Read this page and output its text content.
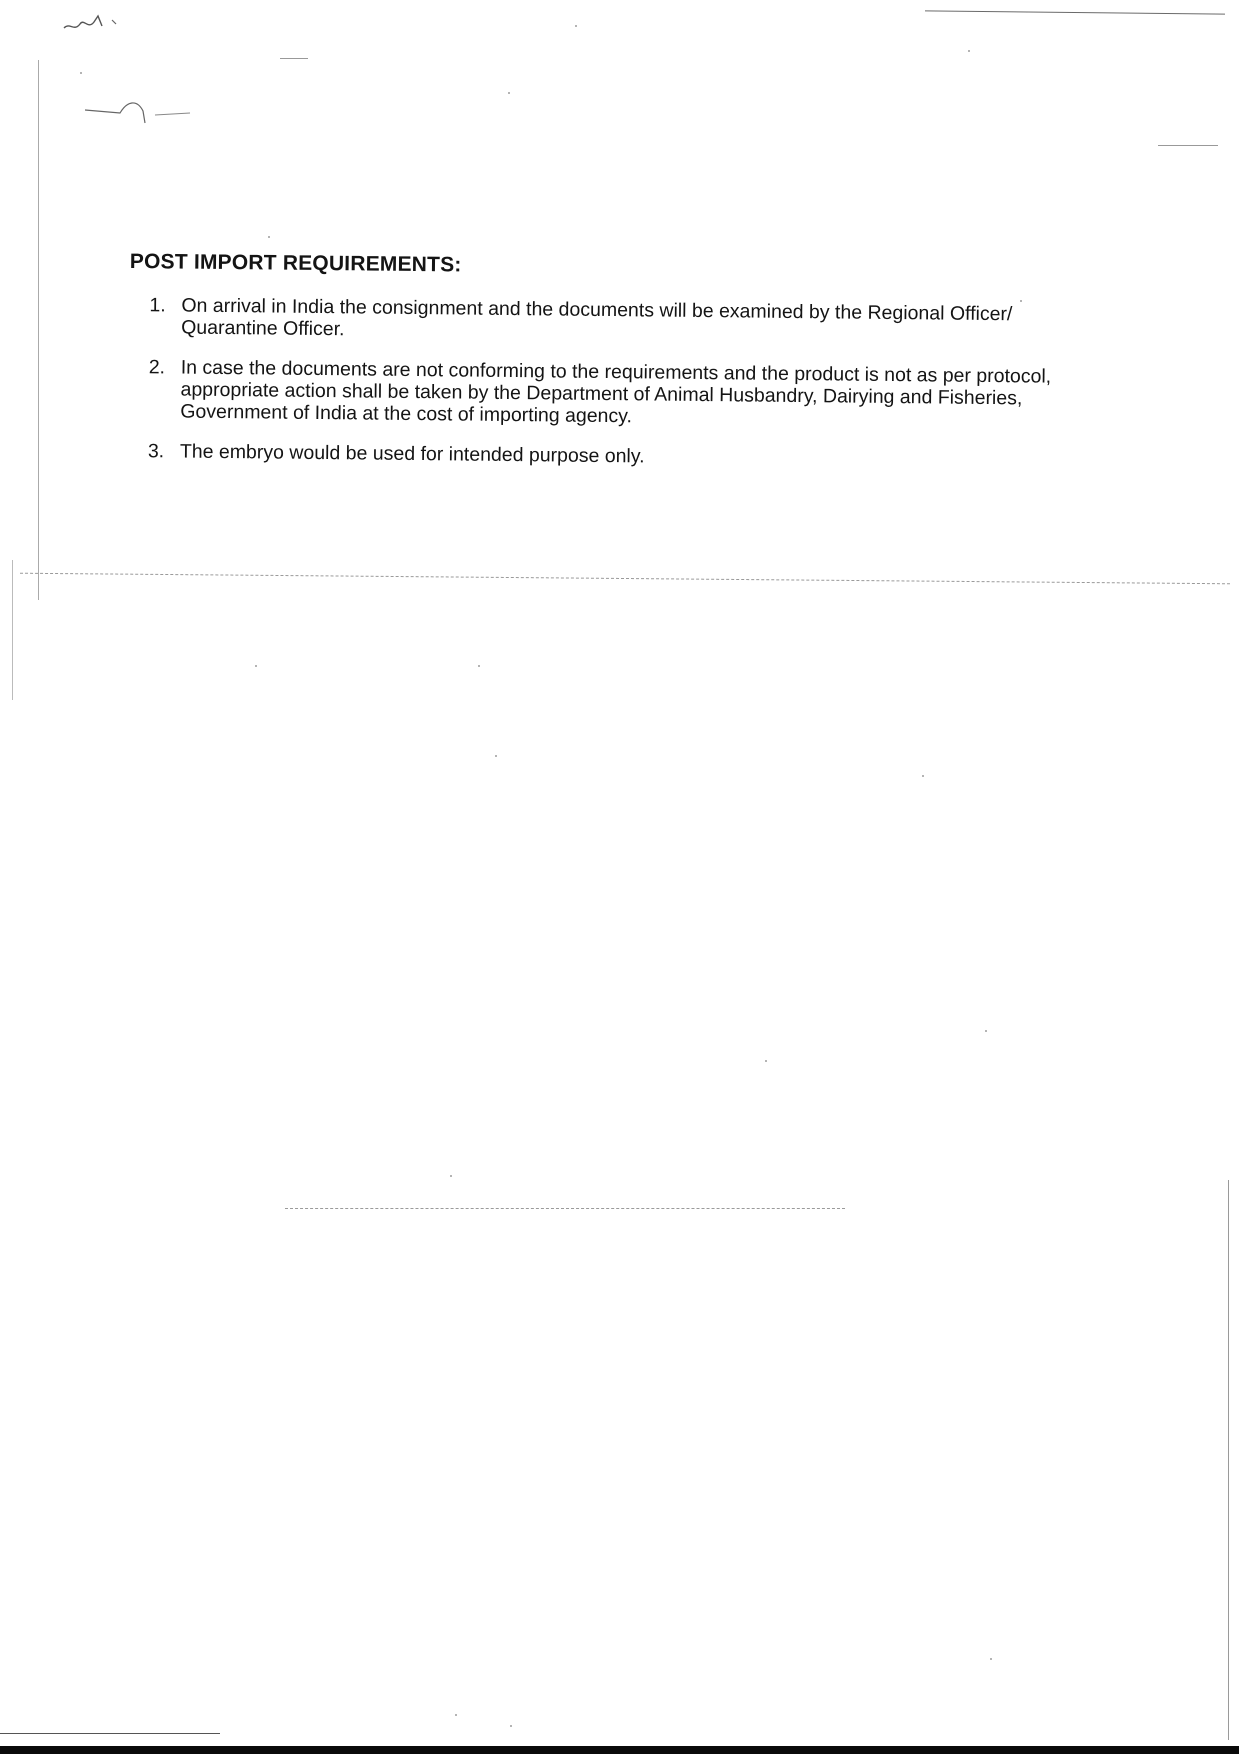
POST IMPORT REQUIREMENTS:
1. On arrival in India the consignment and the documents will be examined by the Regional Officer/ Quarantine Officer.
2. In case the documents are not conforming to the requirements and the product is not as per protocol, appropriate action shall be taken by the Department of Animal Husbandry, Dairying and Fisheries, Government of India at the cost of importing agency.
3. The embryo would be used for intended purpose only.
